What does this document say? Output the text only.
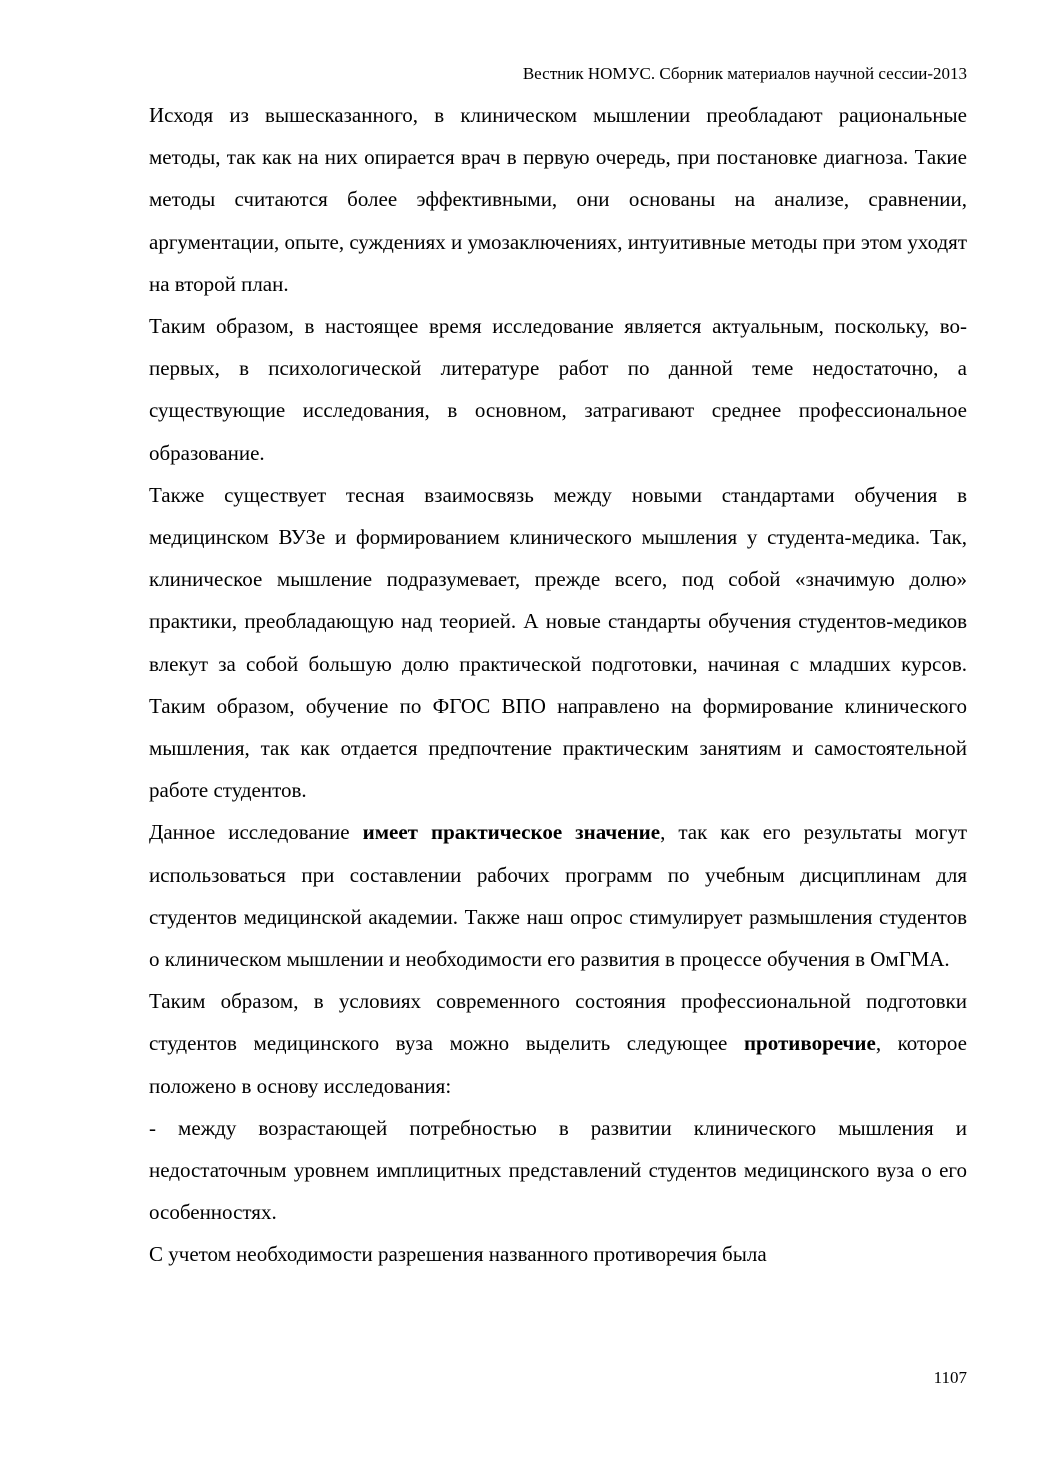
Вестник НОМУС. Сборник материалов научной сессии-2013

Исходя из вышесказанного, в клиническом мышлении преобладают рациональные методы, так как на них опирается врач в первую очередь, при постановке диагноза. Такие методы считаются более эффективными, они основаны на анализе, сравнении, аргументации, опыте, суждениях и умозаключениях, интуитивные методы при этом уходят на второй план.

Таким образом, в настоящее время исследование является актуальным, поскольку, во-первых, в психологической литературе работ по данной теме недостаточно, а существующие исследования, в основном, затрагивают среднее профессиональное образование.

Также существует тесная взаимосвязь между новыми стандартами обучения в медицинском ВУЗе и формированием клинического мышления у студента-медика. Так, клиническое мышление подразумевает, прежде всего, под собой «значимую долю» практики, преобладающую над теорией. А новые стандарты обучения студентов-медиков влекут за собой большую долю практической подготовки, начиная с младших курсов. Таким образом, обучение по ФГОС ВПО направлено на формирование клинического мышления, так как отдается предпочтение практическим занятиям и самостоятельной работе студентов.

Данное исследование имеет практическое значение, так как его результаты могут использоваться при составлении рабочих программ по учебным дисциплинам для студентов медицинской академии. Также наш опрос стимулирует размышления студентов о клиническом мышлении и необходимости его развития в процессе обучения в ОмГМА.

Таким образом, в условиях современного состояния профессиональной подготовки студентов медицинского вуза можно выделить следующее противоречие, которое положено в основу исследования:

- между возрастающей потребностью в развитии клинического мышления и недостаточным уровнем имплицитных представлений студентов медицинского вуза о его особенностях.

С учетом необходимости разрешения названного противоречия была

1107
